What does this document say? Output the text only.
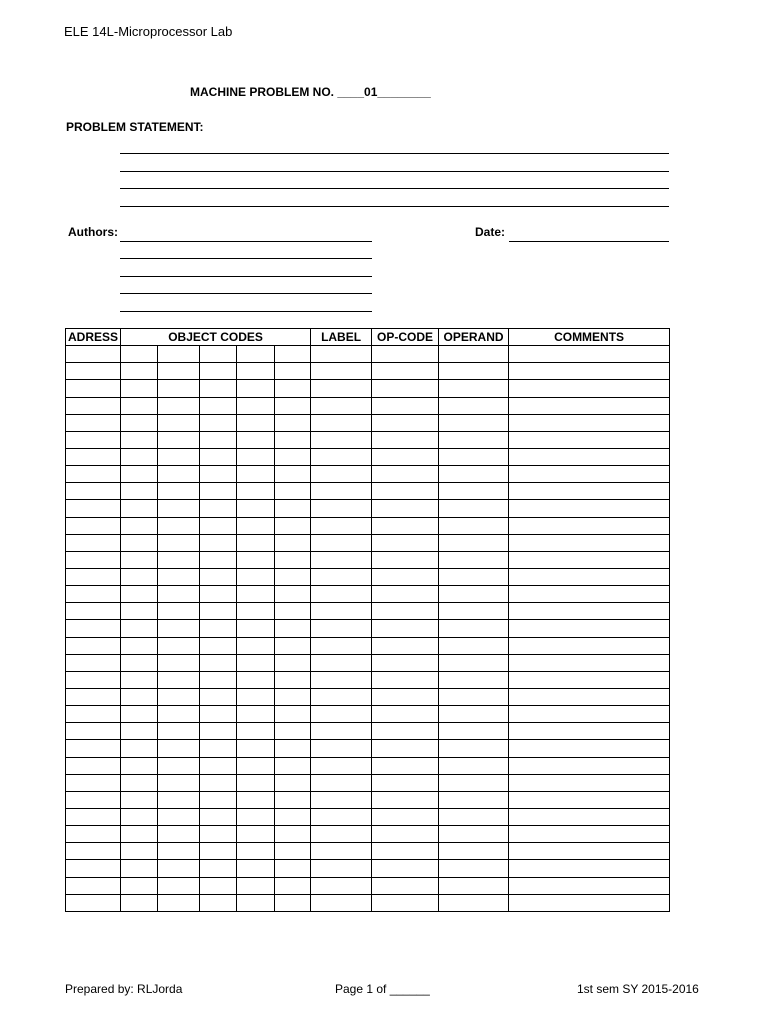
ELE 14L-Microprocessor Lab
MACHINE PROBLEM NO. ____01________
PROBLEM STATEMENT:
Authors:	Date:
ADRESS	OBJECT CODES					LABEL	OP-CODE	OPERAND	COMMENTS

Prepared by: RLJorda	Page 1 of ______	1st sem SY 2015-2016
